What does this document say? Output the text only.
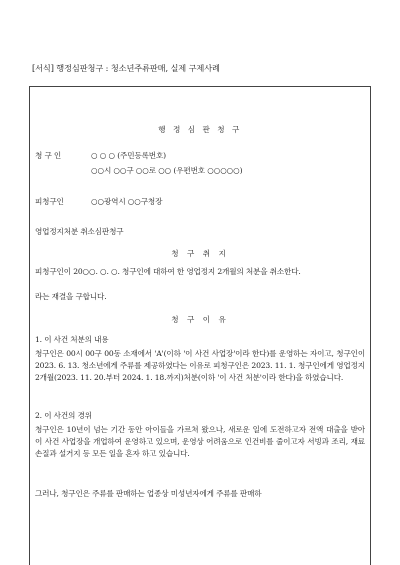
[서식] 행정심판청구 : 청소년주류판매, 실제 구제사례
행 정 심 판 청 구
청 구 인	○ ○ ○ (주민등록번호)
○○시 ○○구 ○○로 ○○ (우편번호 ○○○○○)
피청구인	○○광역시 ○○구청장
영업정지처분 취소심판청구
청 구 취 지
피청구인이 20○○. ○. ○. 청구인에 대하여 한 영업정지 2개월의 처분을 취소한다.
라는 재결을 구합니다.
청 구 이 유
1. 이 사건 처분의 내용
청구인은 00시 00구 00동 소재에서 'A'(이하 '이 사건 사업장'이라 한다)를 운영하는 자이고, 청구인이 2023. 6. 13. 청소년에게 주류를 제공하였다는 이유로 피청구인은 2023. 11. 1. 청구인에게 영업정지 2개월(2023. 11. 20.부터 2024. 1. 18.까지)처분(이하 '이 사건 처분'이라 한다)을 하였습니다.
2. 이 사건의 경위
청구인은 10년이 넘는 기간 동안 아이들을 가르쳐 왔으나, 새로운 일에 도전하고자 전액 대출을 받아 이 사건 사업장을 개업하여 운영하고 있으며, 운영상 어려움으로 인건비를 줄이고자 서빙과 조리, 재료손질과 설거지 등 모든 일을 혼자 하고 있습니다.
그러나, 청구인은 주류를 판매하는 업종상 미성년자에게 주류를 판매하
